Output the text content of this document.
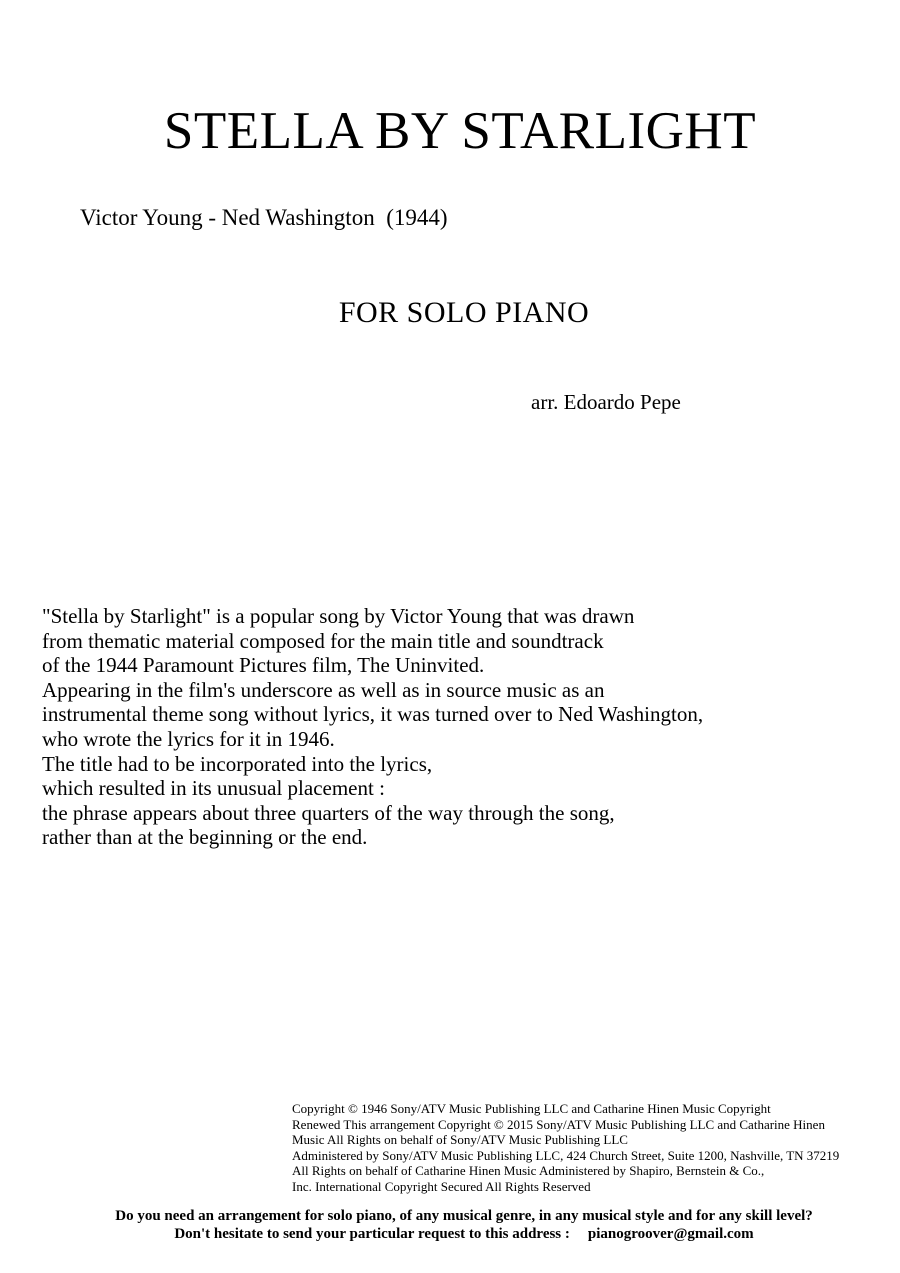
STELLA BY STARLIGHT
Victor Young - Ned Washington  (1944)
FOR SOLO PIANO
arr. Edoardo Pepe
"Stella by Starlight" is a popular song by Victor Young that was drawn
from thematic material composed for the main title and soundtrack
of the 1944 Paramount Pictures film, The Uninvited.
Appearing in the film's underscore as well as in source music as an
instrumental theme song without lyrics, it was turned over to Ned Washington,
who wrote the lyrics for it in 1946.
The title had to be incorporated into the lyrics,
which resulted in its unusual placement :
the phrase appears about three quarters of the way through the song,
rather than at the beginning or the end.
Copyright © 1946 Sony/ATV Music Publishing LLC and Catharine Hinen Music Copyright
Renewed This arrangement Copyright © 2015 Sony/ATV Music Publishing LLC and Catharine Hinen
Music All Rights on behalf of Sony/ATV Music Publishing LLC
Administered by Sony/ATV Music Publishing LLC, 424 Church Street, Suite 1200, Nashville, TN 37219
All Rights on behalf of Catharine Hinen Music Administered by Shapiro, Bernstein & Co.,
Inc. International Copyright Secured All Rights Reserved
Do you need an arrangement for solo piano, of any musical genre, in any musical style and for any skill level?
Don't hesitate to send your particular request to this address : pianogroover@gmail.com
